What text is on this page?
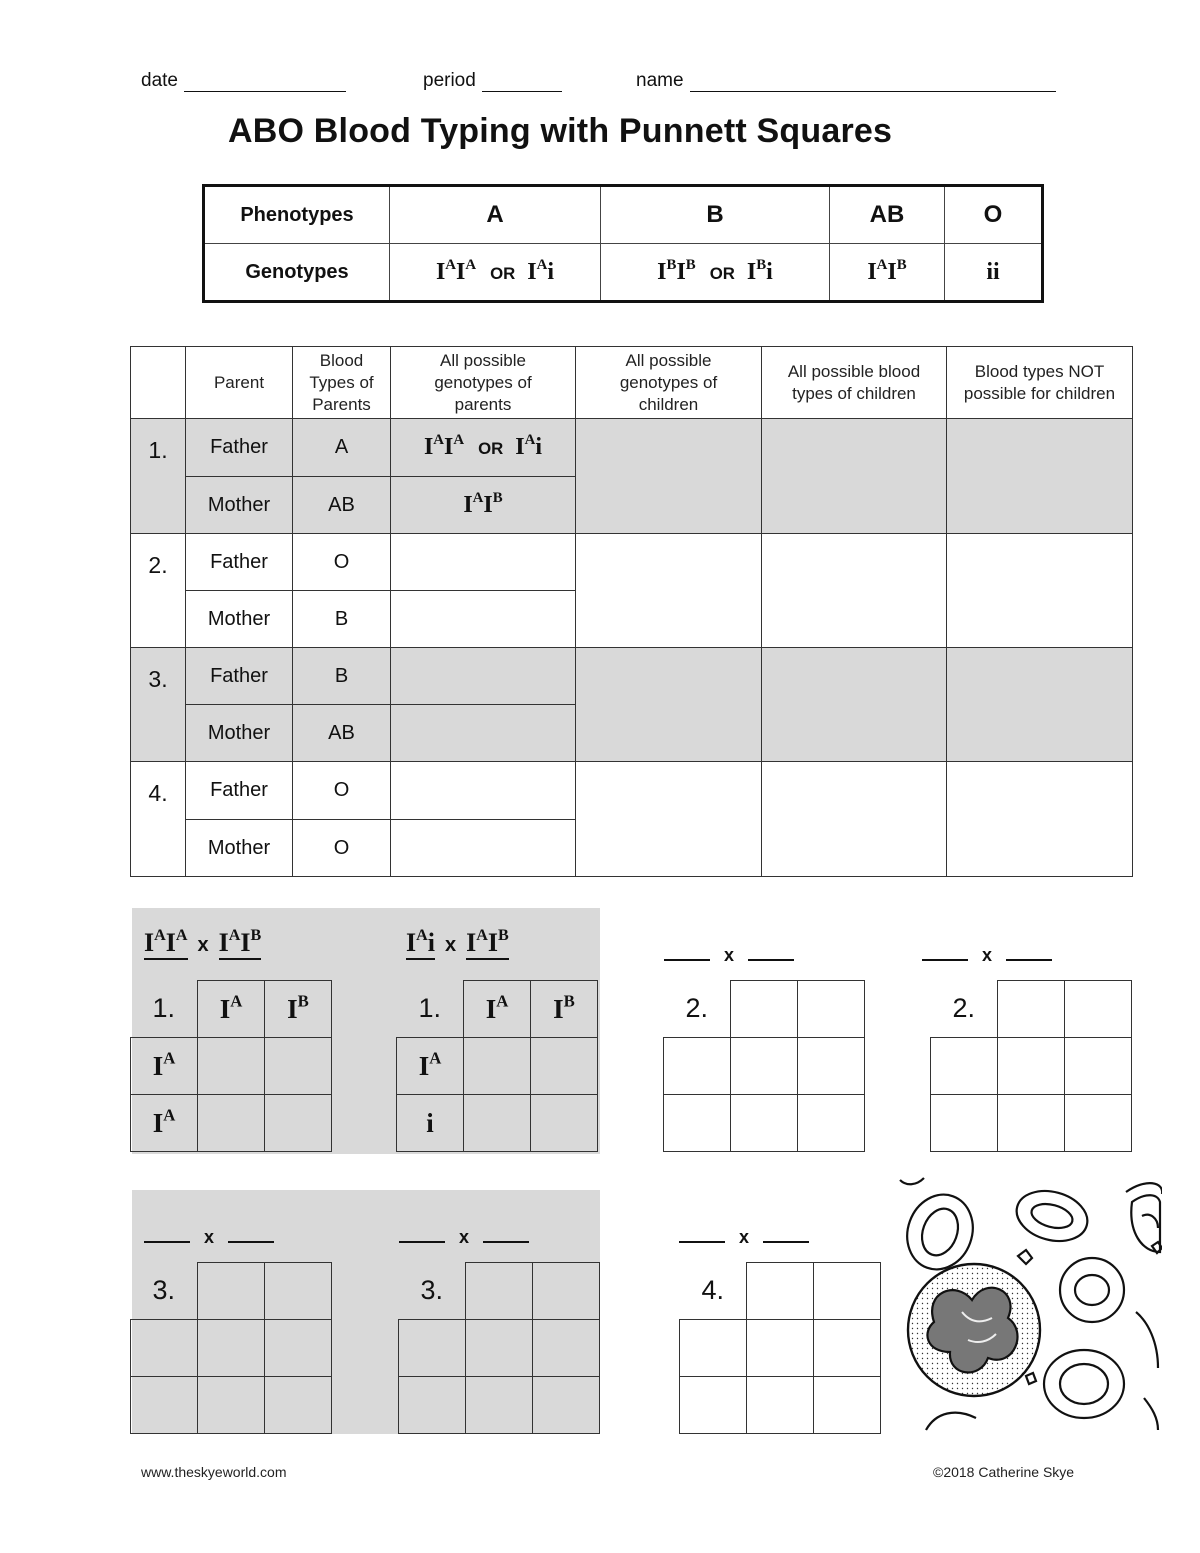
date	period	name
ABO Blood Typing with Punnett Squares
Phenotypes	A	B	AB	O
Genotypes	$I^AI^A$ OR $I^Ai$	$I^BI^B$ OR $I^Bi$	$I^AI^B$	ii
	Parent	Blood Types of Parents	All possible genotypes of parents	All possible genotypes of children	All possible blood types of children	Blood types NOT possible for children

1.	Father	A	$I^AI^A$ OR $I^Ai$			
	Mother	AB	$I^AI^B$
2.	Father	O				
	Mother	B				
3.	Father	B				
	Mother	AB				
4.	Father	O				
	Mother	O				
$I^AI^A$ x $I^AI^B$	$I^Ai$ x $I^AI^B$
1.	$I^A$	$I^B$
$I^A$		
$I^A$		
1.	$I^A$	$I^B$
$I^A$		
i		
x
2.		

x
2.		

x
3.		

x
3.		

x
4.		

www.theskyeworld.com	©2018 Catherine Skye
